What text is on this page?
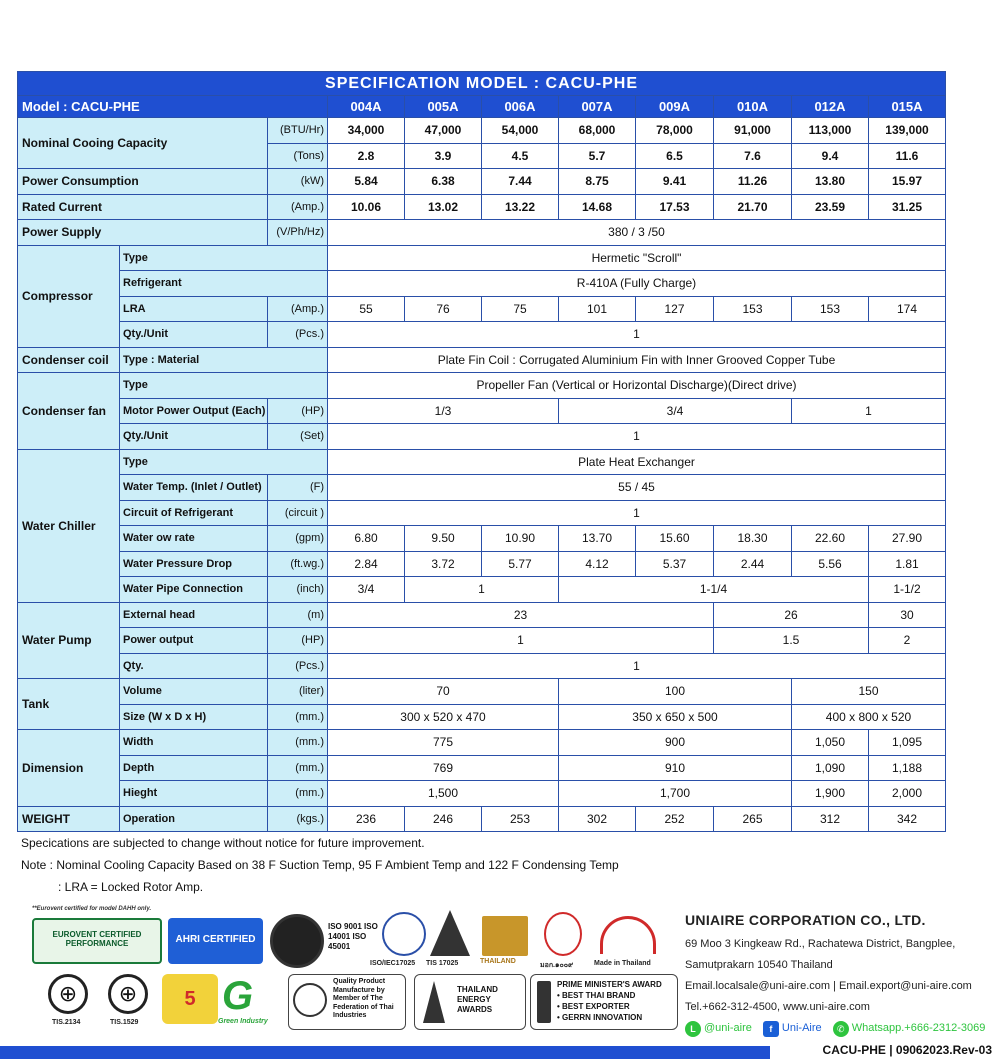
SPECIFICATION MODEL : CACU-PHE										
Model : CACU-PHE			004A	005A	006A	007A	009A	010A	012A	015A
Nominal Cooing Capacity		(BTU/Hr)	34,000	47,000	54,000	68,000	78,000	91,000	113,000	139,000
		(Tons)	2.8	3.9	4.5	5.7	6.5	7.6	9.4	11.6
Power Consumption		(kW)	5.84	6.38	7.44	8.75	9.41	11.26	13.80	15.97
Rated Current		(Amp.)	10.06	13.02	13.22	14.68	17.53	21.70	23.59	31.25
Power Supply		(V/Ph/Hz)	380 / 3 /50							
Compressor	Type		Hermetic "Scroll"							
	Refrigerant		R-410A (Fully Charge)							
	LRA	(Amp.)	55	76	75	101	127	153	153	174
	Qty./Unit	(Pcs.)	1							
Condenser coil	Type : Material		Plate Fin Coil : Corrugated Aluminium Fin with Inner Grooved Copper Tube							
Condenser fan	Type		Propeller Fan (Vertical or Horizontal Discharge)(Direct drive)							
	Motor Power Output (Each)	(HP)	1/3			3/4			1	
	Qty./Unit	(Set)	1							
Water Chiller	Type		Plate Heat Exchanger							
	Water Temp. (Inlet / Outlet)	(F)	55 / 45							
	Circuit of Refrigerant	(circuit )	1							
	Water ow rate	(gpm)	6.80	9.50	10.90	13.70	15.60	18.30	22.60	27.90
	Water Pressure Drop	(ft.wg.)	2.84	3.72	5.77	4.12	5.37	2.44	5.56	1.81
	Water Pipe Connection	(inch)	3/4	1		1-1/4				1-1/2
Water Pump	External head	(m)	23					26		30
	Power output	(HP)	1					1.5		2
	Qty.	(Pcs.)	1							
Tank	Volume	(liter)	70			100			150	
	Size (W x D x H)	(mm.)	300 x 520 x 470			350 x 650 x 500			400 x 800 x 520	
Dimension	Width	(mm.)	775			900			1,050	1,095
	Depth	(mm.)	769			910			1,090	1,188
	Hieght	(mm.)	1,500			1,700			1,900	2,000
WEIGHT	Operation	(kgs.)	236	246	253	302	252	265	312	342
Specications are subjected to change without notice for future improvement.
Note : Nominal Cooling Capacity Based on 38 F Suction Temp, 95 F Ambient Temp and 122 F Condensing Temp
: LRA = Locked Rotor Amp.
**Eurovent certified for model DAHH only.
EUROVENT CERTIFIED PERFORMANCE	AHRI CERTIFIED
ISO 9001 ISO 14001 ISO 45001
ISO/IEC17025 TIS 17025	THAILAND
มอก.๑๐๐๙	Made in Thailand
⊕
TIS.2134
⊕
TIS.1529
5 G
Green Industry
Quality Product Manufacture by Member of The Federation of Thai Industries
THAILAND ENERGY AWARDS
PRIME MINISTER'S AWARD
• BEST THAI BRAND
• BEST EXPORTER
• GERRN INNOVATION
UNIAIRE CORPORATION CO., LTD.
69 Moo 3 Kingkeaw Rd., Rachatewa District, Bangplee,
Samutprakarn 10540 Thailand
Email.localsale@uni-aire.com | Email.export@uni-aire.com
Tel.+662-312-4500, www.uni-aire.com
L @uni-aire
	f Uni-Aire
	✆ Whatsapp.+666-2312-3069
CACU-PHE | 09062023.Rev-03
